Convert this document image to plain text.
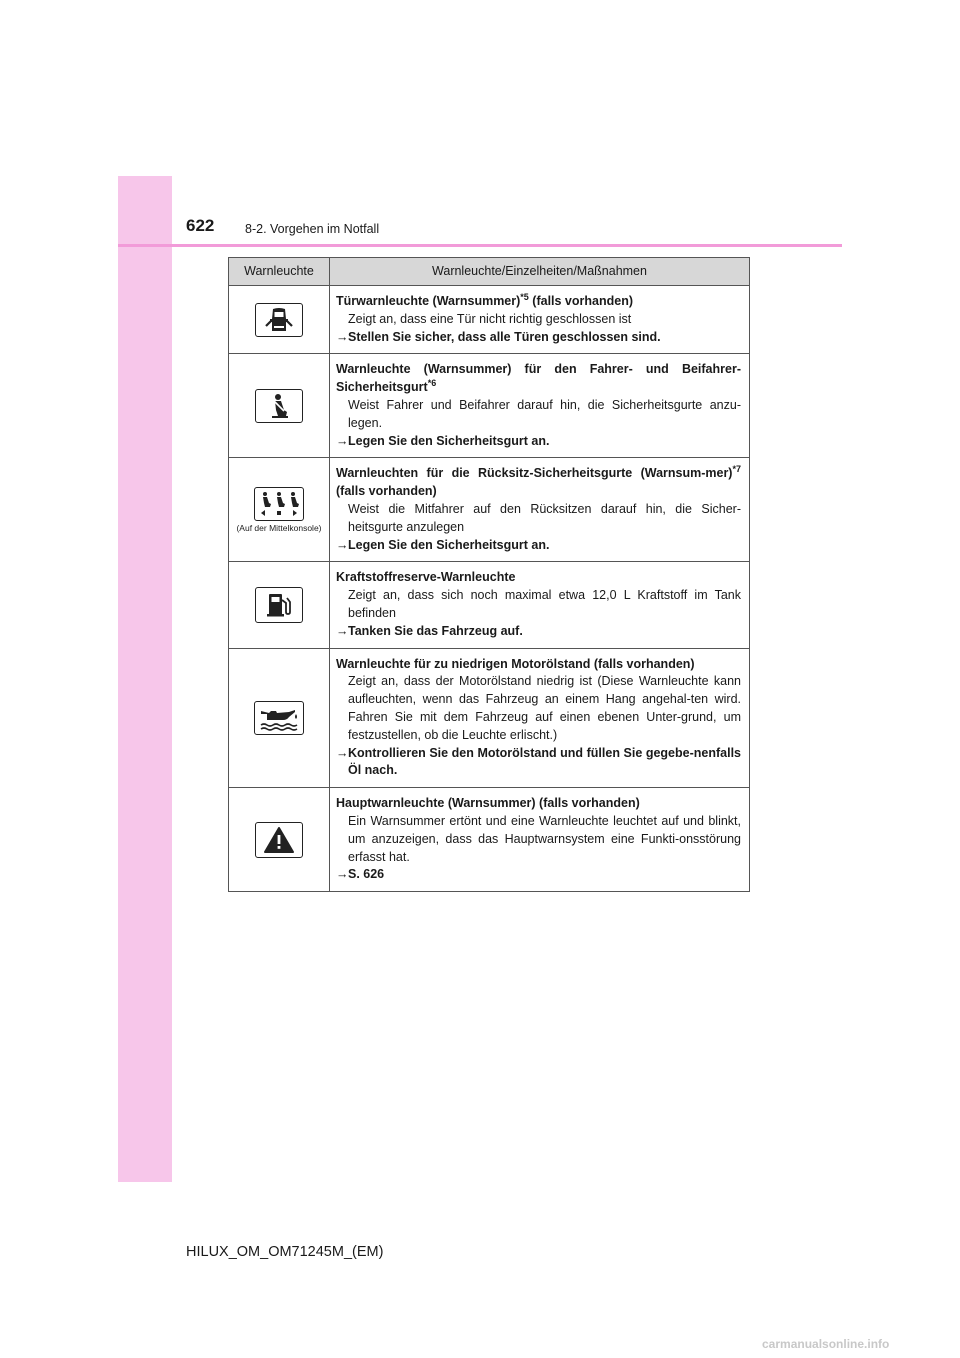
622 8-2. Vorgehen im Notfall
Warnleuchte	Warnleuchte/Einzelheiten/Maßnahmen

Türwarnleuchte (Warnsummer)$^{*5}$ (falls vorhanden)
Zeigt an, dass eine Tür nicht richtig geschlossen ist
→Stellen Sie sicher, dass alle Türen geschlossen sind.

Warnleuchte (Warnsummer) für den Fahrer- und Beifahrer-Sicherheitsgurt$^{*6}$
Weist Fahrer und Beifahrer darauf hin, die Sicherheitsgurte anzu-legen.
→Legen Sie den Sicherheitsgurt an.

(Auf der Mittelkonsole)	Warnleuchten für die Rücksitz-Sicherheitsgurte (Warnsum-mer)$^{*7}$ (falls vorhanden)
Weist die Mitfahrer auf den Rücksitzen darauf hin, die Sicher-heitsgurte anzulegen
→Legen Sie den Sicherheitsgurt an.

Kraftstoffreserve-Warnleuchte
Zeigt an, dass sich noch maximal etwa 12,0 L Kraftstoff im Tank befinden
→Tanken Sie das Fahrzeug auf.

Warnleuchte für zu niedrigen Motorölstand (falls vorhanden)
Zeigt an, dass der Motorölstand niedrig ist (Diese Warnleuchte kann aufleuchten, wenn das Fahrzeug an einem Hang angehal-ten wird. Fahren Sie mit dem Fahrzeug auf einen ebenen Unter-grund, um festzustellen, ob die Leuchte erlischt.)
→Kontrollieren Sie den Motorölstand und füllen Sie gegebe-nenfalls Öl nach.

Hauptwarnleuchte (Warnsummer) (falls vorhanden)
Ein Warnsummer ertönt und eine Warnleuchte leuchtet auf und blinkt, um anzuzeigen, dass das Hauptwarnsystem eine Funkti-onsstörung erfasst hat.
→S. 626
HILUX_OM_OM71245M_(EM)
carmanualsonline.info
